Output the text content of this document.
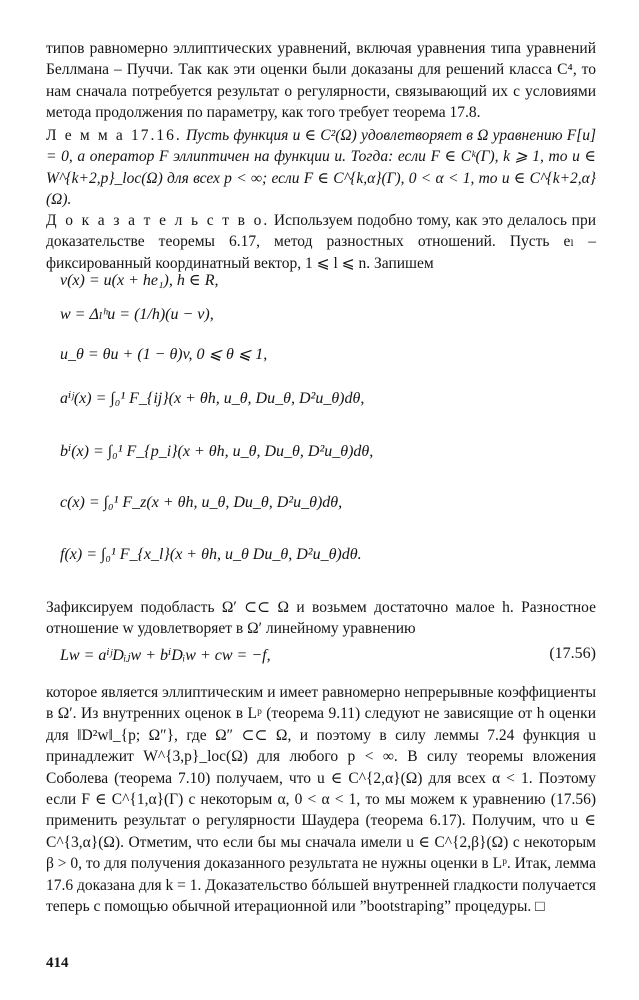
типов равномерно эллиптических уравнений, включая уравнения типа уравнений Беллмана – Пуччи. Так как эти оценки были доказаны для решений класса C⁴, то нам сначала потребуется результат о регулярности, связывающий их с условиями метода продолжения по параметру, как того требует теорема 17.8.

Л е м м а 17.16. Пусть функция u ∈ C²(Ω) удовлетворяет в Ω уравнению F[u] = 0, а оператор F эллиптичен на функции u. Тогда: если F ∈ Cᵏ(Γ), k ⩾ 1, то u ∈ W^{k+2,p}_loc(Ω) для всех p < ∞; если F ∈ C^{k,α}(Γ), 0 < α < 1, то u ∈ C^{k+2,α}(Ω).

Д о к а з а т е л ь с т в о. Используем подобно тому, как это делалось при доказательстве теоремы 6.17, метод разностных отношений. Пусть eₗ – фиксированный координатный вектор, 1 ⩽ l ⩽ n. Запишем

v(x) = u(x + he₁), h ∈ R,
w = Δₗʰu = (1/h)(u − v),
u_θ = θu + (1 − θ)v, 0 ⩽ θ ⩽ 1,
aⁱʲ(x) = ∫₀¹ F_{ij}(x + θh, u_θ, Du_θ, D²u_θ)dθ,
bⁱ(x) = ∫₀¹ F_{p_i}(x + θh, u_θ, Du_θ, D²u_θ)dθ,
c(x) = ∫₀¹ F_z(x + θh, u_θ, Du_θ, D²u_θ)dθ,
f(x) = ∫₀¹ F_{x_l}(x + θh, u_θ Du_θ, D²u_θ)dθ.

Зафиксируем подобласть Ω′ ⊂⊂ Ω и возьмем достаточно малое h. Разностное отношение w удовлетворяет в Ω′ линейному уравнению

Lw = aⁱʲDᵢⱼw + bⁱDᵢw + cw = −f,	(17.56)

которое является эллиптическим и имеет равномерно непрерывные коэффициенты в Ω′. Из внутренних оценок в Lᵖ (теорема 9.11) следуют не зависящие от h оценки для ‖D²w‖_{p; Ω″}, где Ω″ ⊂⊂ Ω, и поэтому в силу леммы 7.24 функция u принадлежит W^{3,p}_loc(Ω) для любого p < ∞. В силу теоремы вложения Соболева (теорема 7.10) получаем, что u ∈ C^{2,α}(Ω) для всех α < 1. Поэтому если F ∈ C^{1,α}(Γ) с некоторым α, 0 < α < 1, то мы можем к уравнению (17.56) применить результат о регулярности Шаудера (теорема 6.17). Получим, что u ∈ C^{3,α}(Ω). Отметим, что если бы мы сначала имели u ∈ C^{2,β}(Ω) с некоторым β > 0, то для получения доказанного результата не нужны оценки в Lᵖ. Итак, лемма 17.6 доказана для k = 1. Доказательство бóльшей внутренней гладкости получается теперь с помощью обычной итерационной или ”bootstraping” процедуры. □

414
